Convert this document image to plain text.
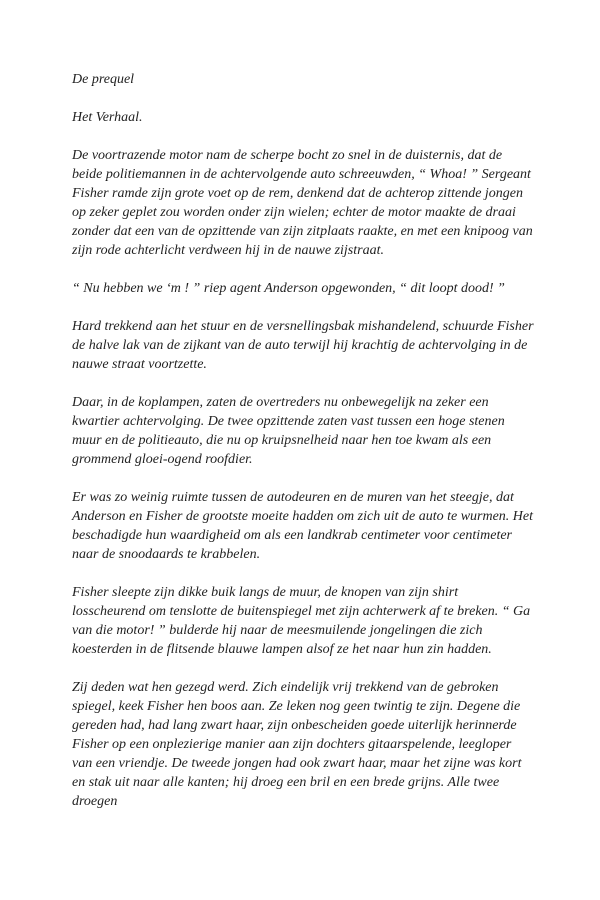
De prequel

Het Verhaal.

De voortrazende motor nam de scherpe bocht zo snel in de duisternis, dat de beide politiemannen in de achtervolgende auto schreeuwden, “ Whoa! ” Sergeant Fisher ramde zijn grote voet op de rem, denkend dat de achterop zittende jongen op zeker geplet zou worden onder zijn wielen; echter de motor maakte de draai zonder dat een van de opzittende van zijn zitplaats raakte, en met een knipoog van zijn rode achterlicht verdween hij in de nauwe zijstraat.

“ Nu hebben we ‘m ! ” riep agent Anderson opgewonden, “ dit loopt dood! ”

Hard trekkend aan het stuur en de versnellingsbak mishandelend, schuurde Fisher de halve lak van de zijkant van de auto terwijl hij krachtig de achtervolging in de nauwe straat voortzette.

Daar, in de koplampen, zaten de overtreders nu onbewegelijk na zeker een kwartier achtervolging. De twee opzittende zaten vast tussen een hoge stenen muur en de politieauto, die nu op kruipsnelheid naar hen toe kwam als een grommend gloei-ogend roofdier.

Er was zo weinig ruimte tussen de autodeuren en de muren van het steegje, dat Anderson en Fisher de grootste moeite hadden om zich uit de auto te wurmen. Het beschadigde hun waardigheid om als een landkrab centimeter voor centimeter naar de snoodaards te krabbelen.

Fisher sleepte zijn dikke buik langs de muur, de knopen van zijn shirt losscheurend om tenslotte de buitenspiegel met zijn achterwerk af te breken. “ Ga van die motor! ” bulderde hij naar de meesmuilende jongelingen die zich koesterden in de flitsende blauwe lampen alsof ze het naar hun zin hadden.

Zij deden wat hen gezegd werd. Zich eindelijk vrij trekkend van de gebroken spiegel, keek Fisher hen boos aan. Ze leken nog geen twintig te zijn. Degene die gereden had, had lang zwart haar, zijn onbescheiden goede uiterlijk herinnerde Fisher op een onplezierige manier aan zijn dochters gitaarspelende, leegloper van een vriendje. De tweede jongen had ook zwart haar, maar het zijne was kort en stak uit naar alle kanten; hij droeg een bril en een brede grijns. Alle twee droegen
